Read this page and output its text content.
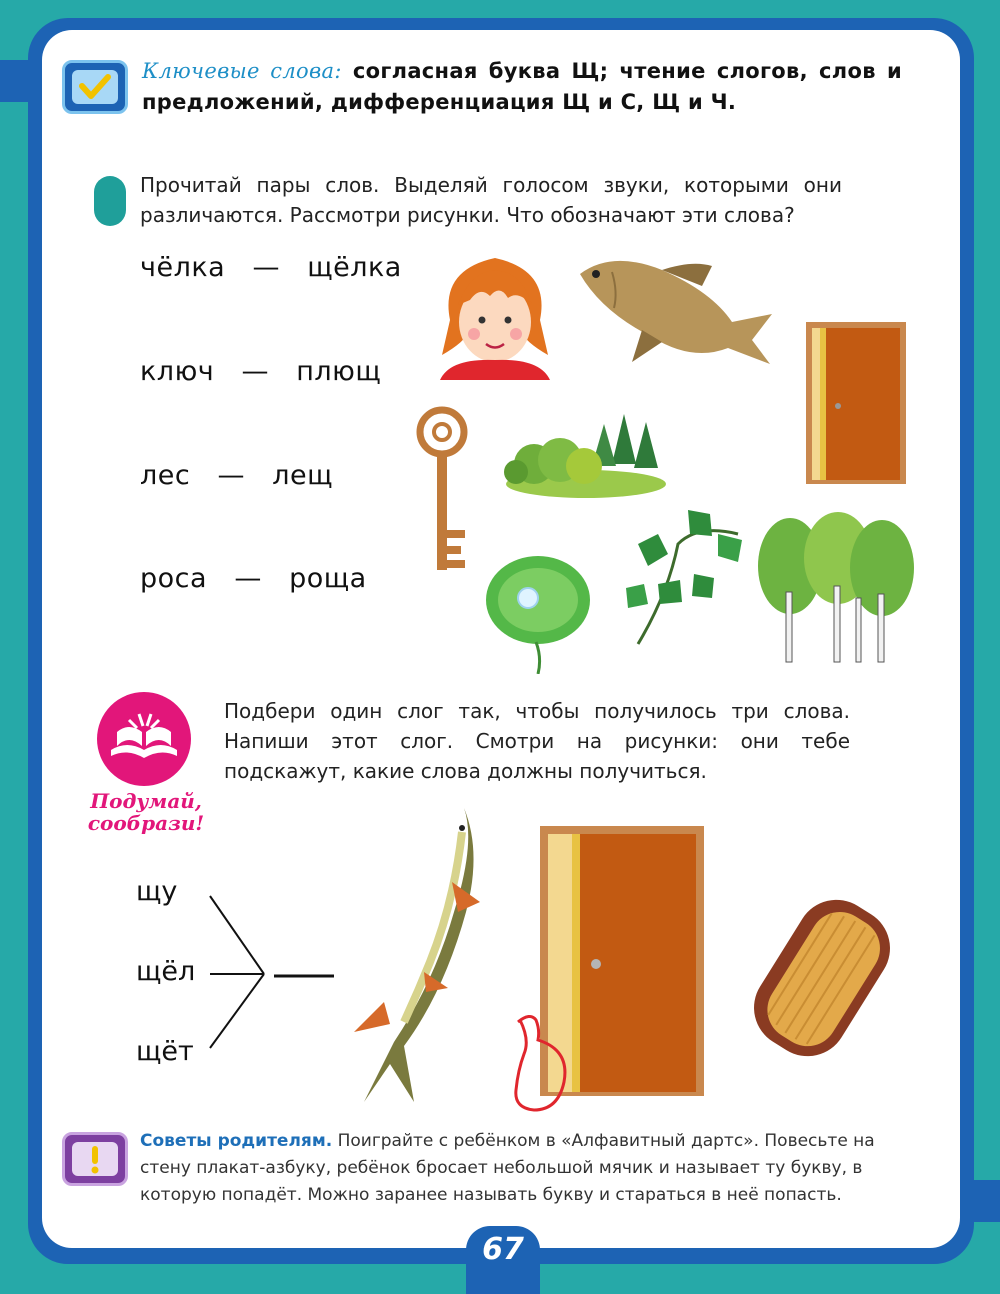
Ключевые слова: согласная буква Щ; чтение слогов, слов и предложений, дифференциация Щ и С, Щ и Ч.
Прочитай пары слов. Выделяй голосом звуки, которыми они различаются. Рассмотри рисунки. Что обозначают эти слова?
чёлка — щёлка
ключ — плющ
лес — лещ
роса — роща
Подумай,
сообрази!
Подбери один слог так, чтобы получилось три слова. Напиши этот слог. Смотри на рисунки: они тебе подскажут, какие слова должны получиться.
щу
щёл
щёт
Советы родителям. Поиграйте с ребёнком в «Алфавитный дартс». Повесьте на стену плакат-азбуку, ребёнок бросает небольшой мячик и называет ту букву, в которую попадёт. Можно заранее называть букву и стараться в неё попасть.
67
